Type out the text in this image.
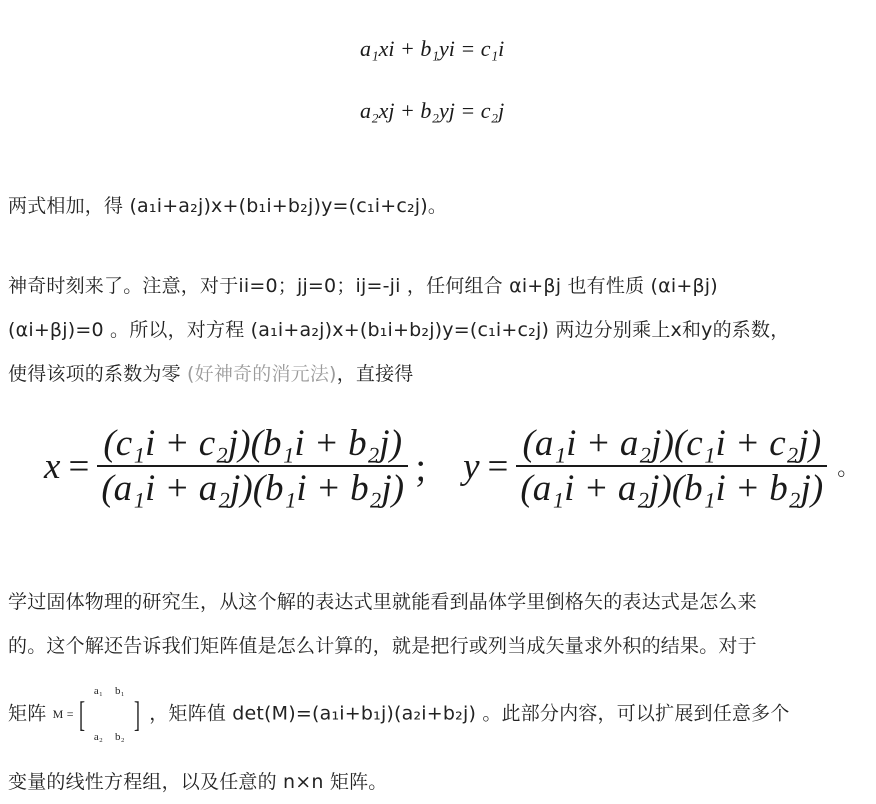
a₁xi + b₁yi = c₁i
a₂xj + b₂yj = c₂j
两式相加，得 (a₁i+a₂j)x+(b₁i+b₂j)y=(c₁i+c₂j)。
神奇时刻来了。注意，对于ii=0；jj=0；ij=-ji ，任何组合 αi+βj 也有性质 (αi+βj)
(αi+βj)=0 。所以，对方程 (a₁i+a₂j)x+(b₁i+b₂j)y=(c₁i+c₂j) 两边分别乘上x和y的系数，
使得该项的系数为零 (好神奇的消元法)，直接得
$x = \frac{\text{(c₁i + c₂j)(b₁i + b₂j)}}{\text{(a₁i + a₂j)(b₁i + b₂j)}}$ ； $y = \frac{\text{(a₁i + a₂j)(c₁i + c₂j)}}{\text{(a₁i + a₂j)(b₁i + b₂j)}}$ 。
学过固体物理的研究生，从这个解的表达式里就能看到晶体学里倒格矢的表达式是怎么来
的。这个解还告诉我们矩阵值是怎么计算的，就是把行或列当成矢量求外积的结果。对于
矩阵 M = [
a₁	b₁
a₂	b₂
] ，矩阵值 det(M)=(a₁i+b₁j)(a₂i+b₂j) 。此部分内容，可以扩展到任意多个
变量的线性方程组，以及任意的 n×n 矩阵。
